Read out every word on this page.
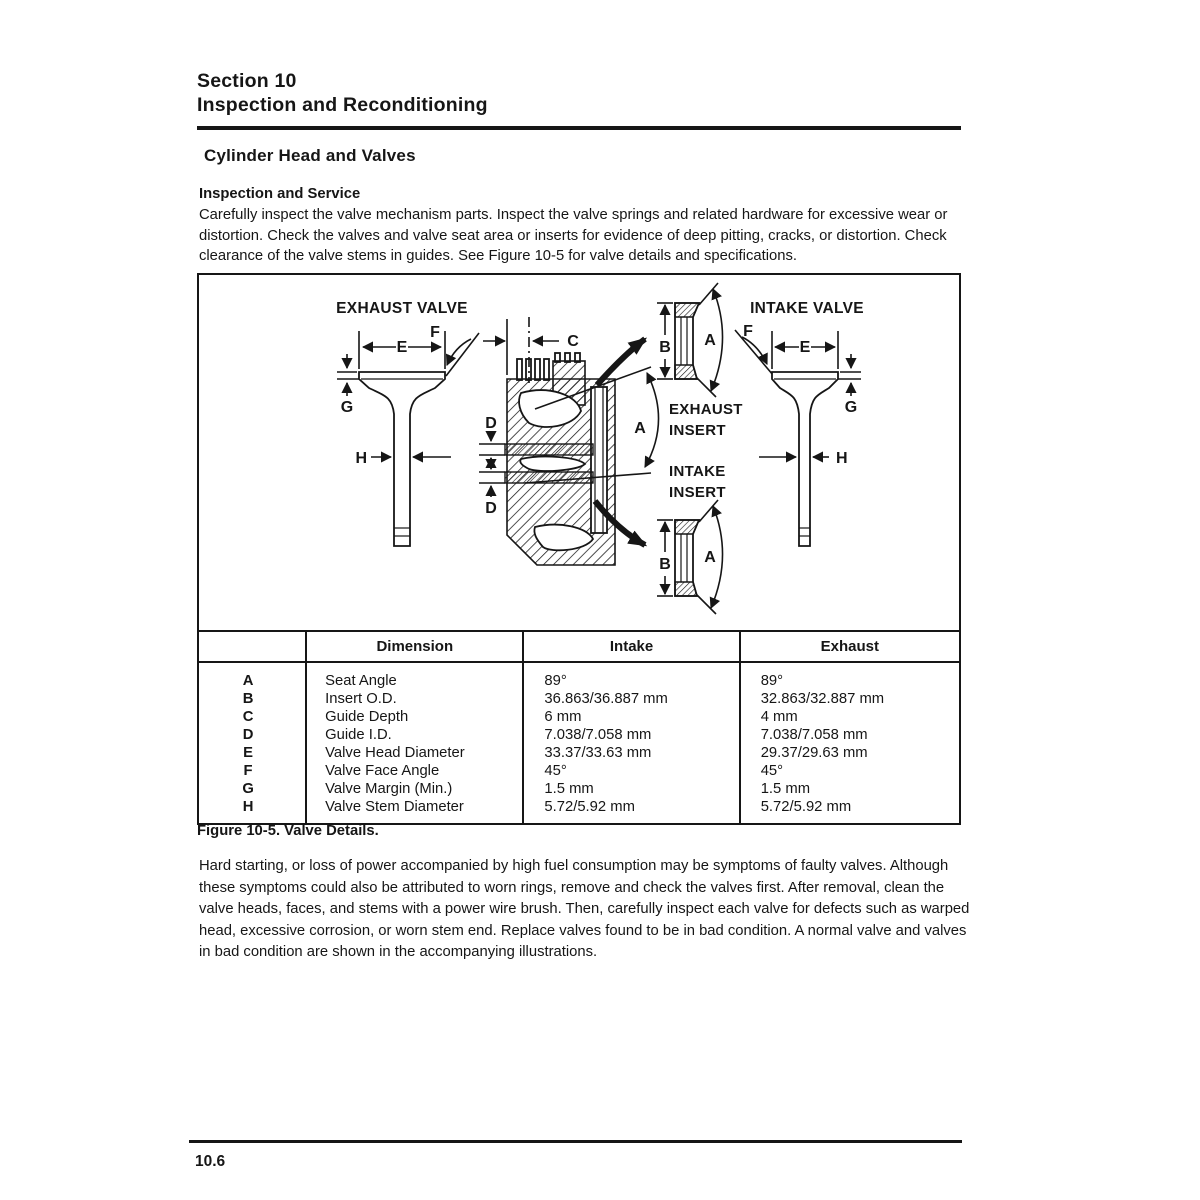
Section 10
Inspection and Reconditioning
Cylinder Head and Valves
Inspection and Service
Carefully inspect the valve mechanism parts. Inspect the valve springs and related hardware for excessive wear or distortion. Check the valves and valve seat area or inserts for evidence of deep pitting, cracks, or distortion. Check clearance of the valve stems in guides. See Figure 10-5 for valve details and specifications.
EXHAUST VALVE
E
F
G
H
C
D
D
A
B A
EXHAUST
INSERT
INTAKE
INSERT
B A
INTAKE VALVE
E
F
G
H
	Dimension	Intake	Exhaust
A	Seat Angle	89°	89°
B	Insert O.D.	36.863/36.887 mm	32.863/32.887 mm
C	Guide Depth	6 mm	4 mm
D	Guide I.D.	7.038/7.058 mm	7.038/7.058 mm
E	Valve Head Diameter	33.37/33.63 mm	29.37/29.63 mm
F	Valve Face Angle	45°	45°
G	Valve Margin (Min.)	1.5 mm	1.5 mm
H	Valve Stem Diameter	5.72/5.92 mm	5.72/5.92 mm
Figure 10-5. Valve Details.
Hard starting, or loss of power accompanied by high fuel consumption may be symptoms of faulty valves. Although these symptoms could also be attributed to worn rings, remove and check the valves first. After removal, clean the valve heads, faces, and stems with a power wire brush. Then, carefully inspect each valve for defects such as warped head, excessive corrosion, or worn stem end. Replace valves found to be in bad condition. A normal valve and valves in bad condition are shown in the accompanying illustrations.
10.6
